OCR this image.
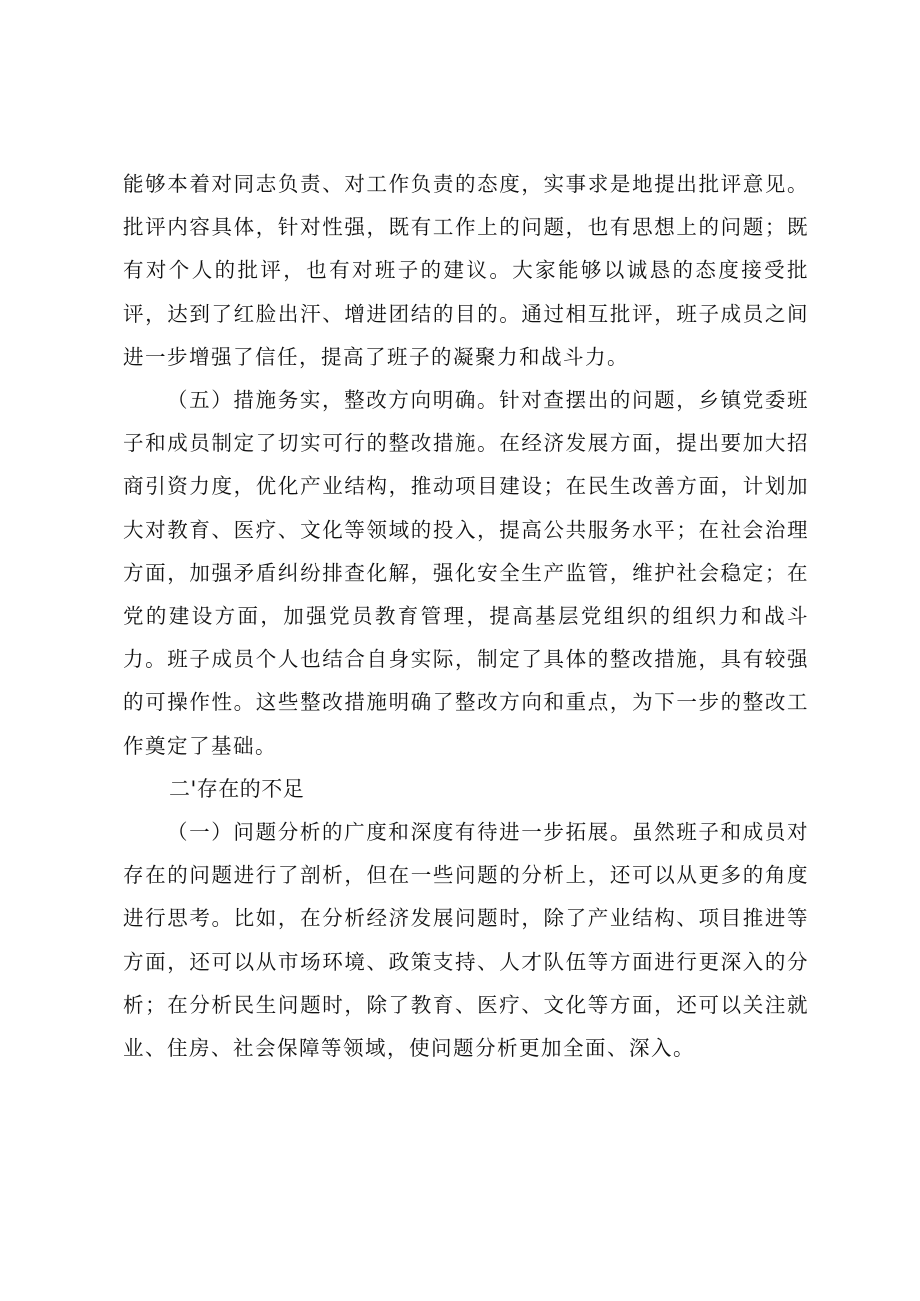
能够本着对同志负责、对工作负责的态度，实事求是地提出批评意见。批评内容具体，针对性强，既有工作上的问题，也有思想上的问题；既有对个人的批评，也有对班子的建议。大家能够以诚恳的态度接受批评，达到了红脸出汗、增进团结的目的。通过相互批评，班子成员之间进一步增强了信任，提高了班子的凝聚力和战斗力。

（五）措施务实，整改方向明确。针对查摆出的问题，乡镇党委班子和成员制定了切实可行的整改措施。在经济发展方面，提出要加大招商引资力度，优化产业结构，推动项目建设；在民生改善方面，计划加大对教育、医疗、文化等领域的投入，提高公共服务水平；在社会治理方面，加强矛盾纠纷排查化解，强化安全生产监管，维护社会稳定；在党的建设方面，加强党员教育管理，提高基层党组织的组织力和战斗力。班子成员个人也结合自身实际，制定了具体的整改措施，具有较强的可操作性。这些整改措施明确了整改方向和重点，为下一步的整改工作奠定了基础。

二'存在的不足

（一）问题分析的广度和深度有待进一步拓展。虽然班子和成员对存在的问题进行了剖析，但在一些问题的分析上，还可以从更多的角度进行思考。比如，在分析经济发展问题时，除了产业结构、项目推进等方面，还可以从市场环境、政策支持、人才队伍等方面进行更深入的分析；在分析民生问题时，除了教育、医疗、文化等方面，还可以关注就业、住房、社会保障等领域，使问题分析更加全面、深入。
